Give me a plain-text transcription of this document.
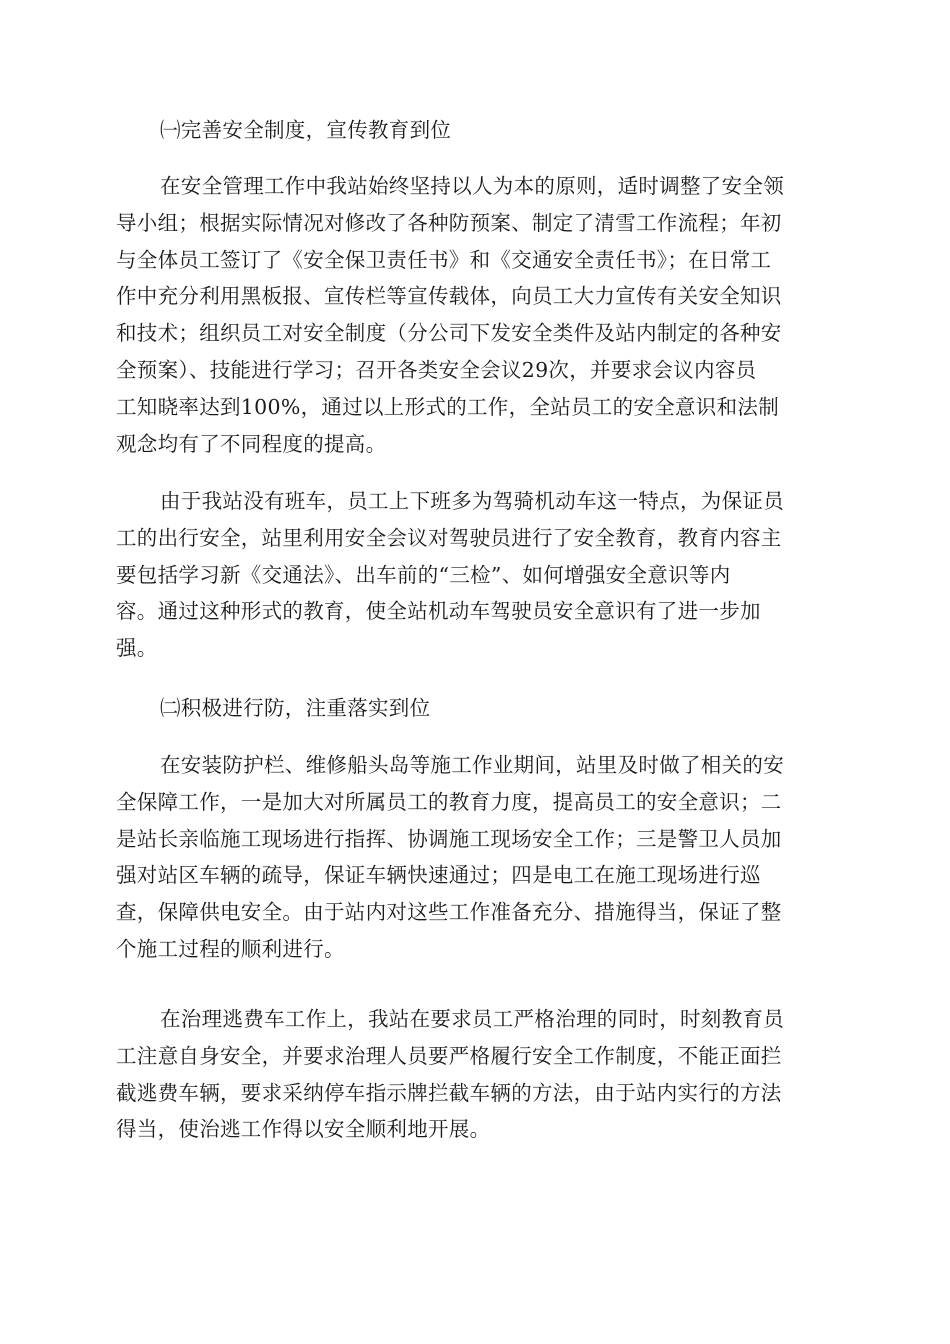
㈠完善安全制度，宣传教育到位
在安全管理工作中我站始终坚持以人为本的原则，适时调整了安全领
导小组；根据实际情况对修改了各种防预案、制定了清雪工作流程；年初
与全体员工签订了《安全保卫责任书》和《交通安全责任书》；在日常工
作中充分利用黑板报、宣传栏等宣传载体，向员工大力宣传有关安全知识
和技术；组织员工对安全制度（分公司下发安全类件及站内制定的各种安
全预案）、技能进行学习；召开各类安全会议29次，并要求会议内容员
工知晓率达到100%，通过以上形式的工作，全站员工的安全意识和法制
观念均有了不同程度的提高。
由于我站没有班车，员工上下班多为驾骑机动车这一特点，为保证员
工的出行安全，站里利用安全会议对驾驶员进行了安全教育，教育内容主
要包括学习新《交通法》、出车前的“三检”、如何增强安全意识等内
容。通过这种形式的教育，使全站机动车驾驶员安全意识有了进一步加
强。
㈡积极进行防，注重落实到位
在安装防护栏、维修船头岛等施工作业期间，站里及时做了相关的安
全保障工作，一是加大对所属员工的教育力度，提高员工的安全意识；二
是站长亲临施工现场进行指挥、协调施工现场安全工作；三是警卫人员加
强对站区车辆的疏导，保证车辆快速通过；四是电工在施工现场进行巡
查，保障供电安全。由于站内对这些工作准备充分、措施得当，保证了整
个施工过程的顺利进行。
在治理逃费车工作上，我站在要求员工严格治理的同时，时刻教育员
工注意自身安全，并要求治理人员要严格履行安全工作制度，不能正面拦
截逃费车辆，要求采纳停车指示牌拦截车辆的方法，由于站内实行的方法
得当，使治逃工作得以安全顺利地开展。
